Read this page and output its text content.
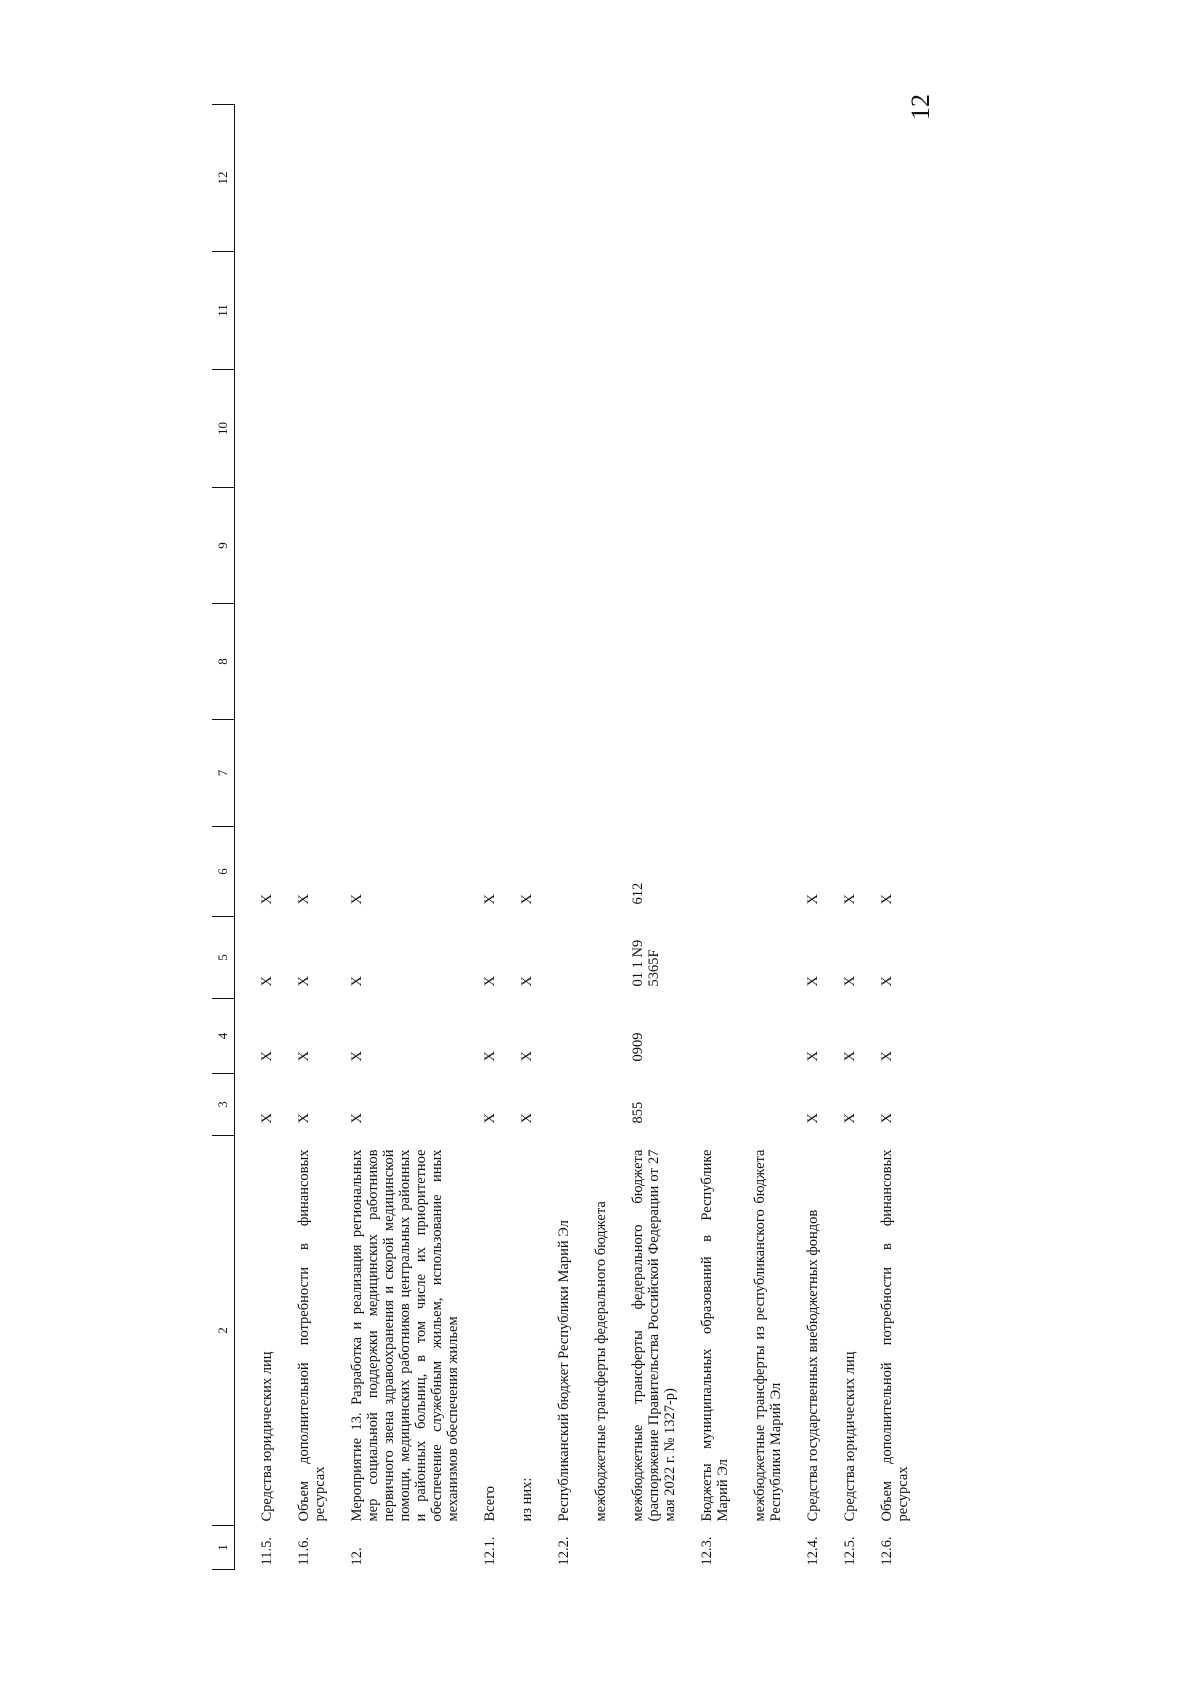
12
1	2	3	4	5	6	7	8	9	10	11	12
11.5.	Средства юридических лиц	X	X	X	X						
11.6.	Объем дополнительной потребности в финансовых ресурсах	X	X	X	X						
12.	Мероприятие 13. Разработка и реализация региональных мер социальной поддержки медицинских работников первичного звена здравоохранения и скорой медицинской помощи, медицинских работников центральных районных и районных больниц, в том числе их приоритетное обеспечение служебным жильем, использование иных механизмов обеспечения жильем	X	X	X	X						
12.1.	Всего	X	X	X	X						
	из них:	X	X	X	X						
12.2.	Республиканский бюджет Республики Марий Эл										
	межбюджетные трансферты федерального бюджета										
	межбюджетные трансферты федерального бюджета (распоряжение Правительства Российской Федерации от 27 мая 2022 г. № 1327-р)	855	0909	01 1 N9 5365F	612						
12.3.	Бюджеты муниципальных образований в Республике Марий Эл										
	межбюджетные трансферты из республиканского бюджета Республики Марий Эл										
12.4.	Средства государственных внебюджетных фондов	X	X	X	X						
12.5.	Средства юридических лиц	X	X	X	X						
12.6.	Объем дополнительной потребности в финансовых ресурсах	X	X	X	X						
